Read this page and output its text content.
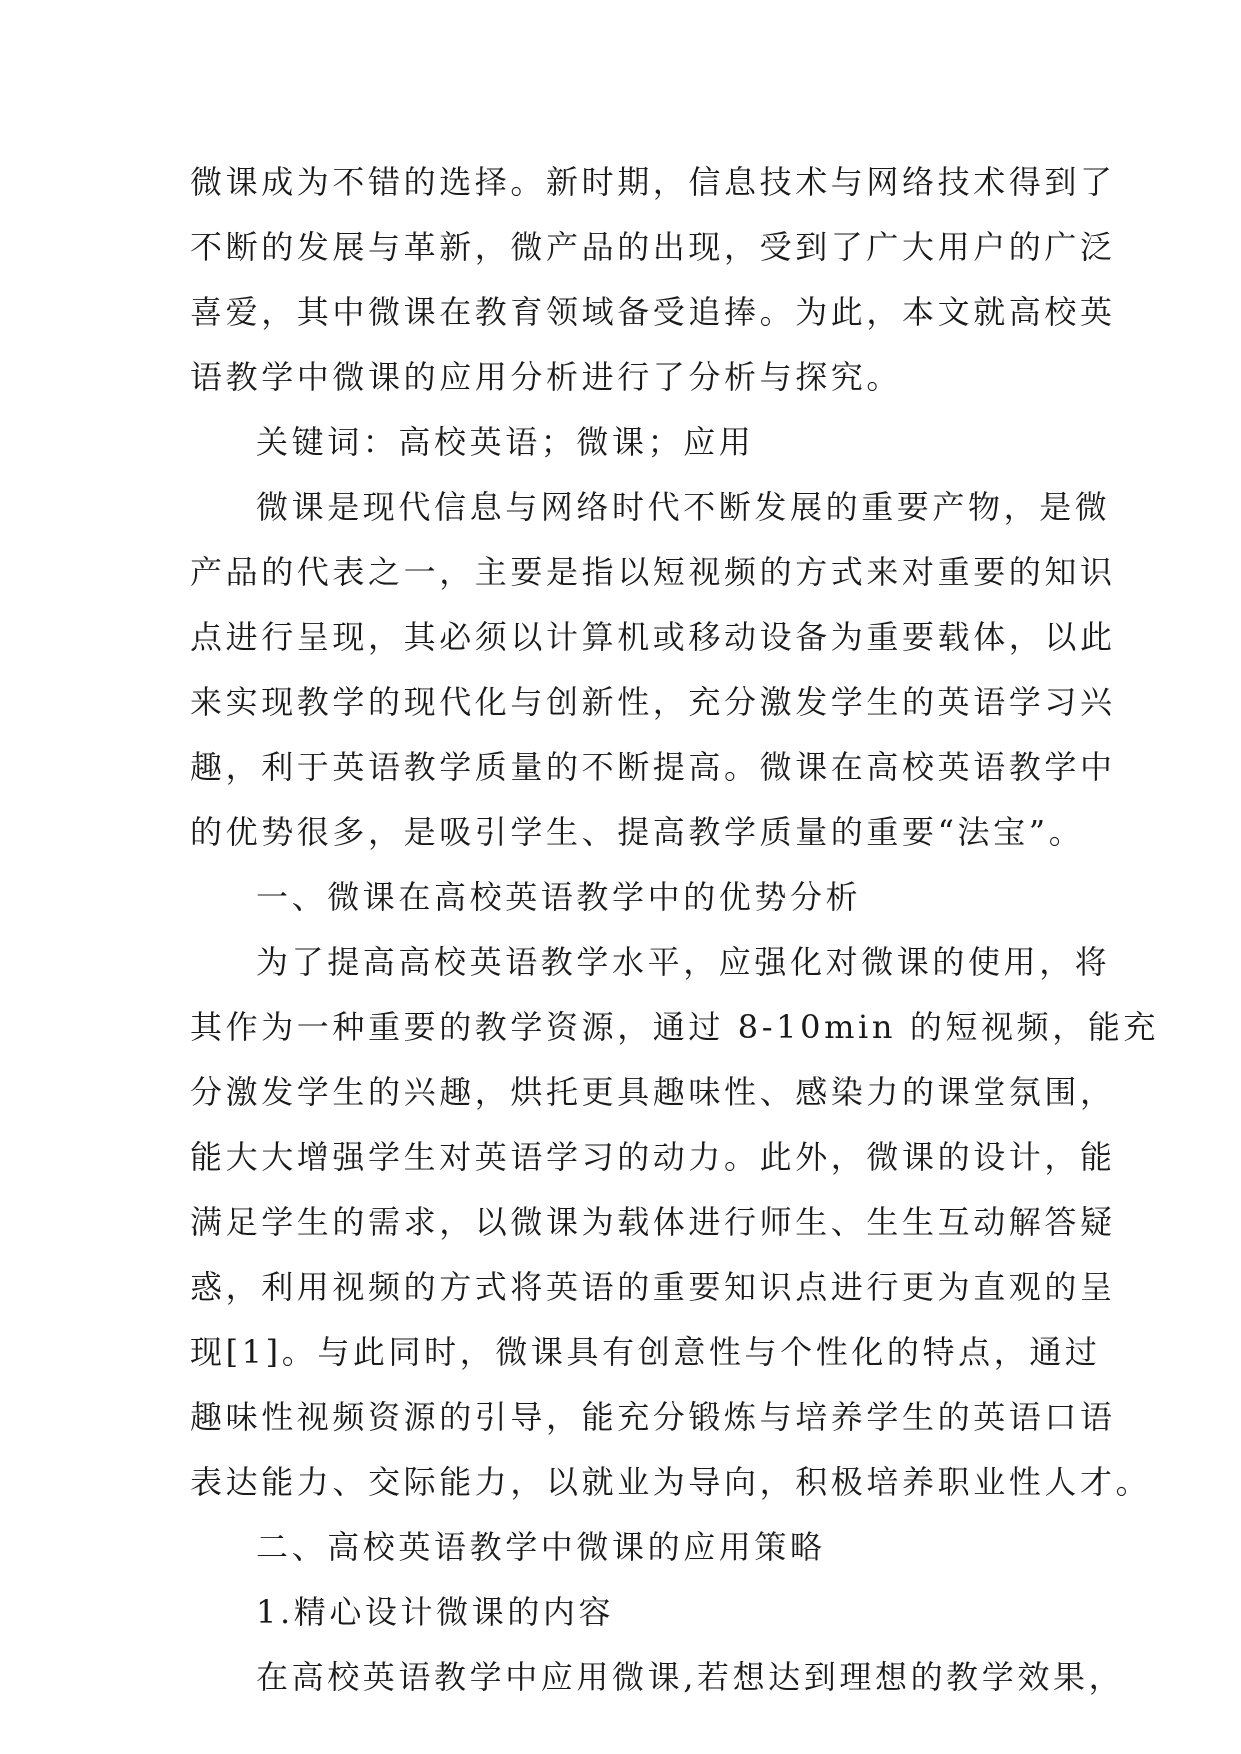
微课成为不错的选择。新时期，信息技术与网络技术得到了
不断的发展与革新，微产品的出现，受到了广大用户的广泛
喜爱，其中微课在教育领域备受追捧。为此，本文就高校英
语教学中微课的应用分析进行了分析与探究。
关键词：高校英语；微课；应用
微课是现代信息与网络时代不断发展的重要产物，是微
产品的代表之一，主要是指以短视频的方式来对重要的知识
点进行呈现，其必须以计算机或移动设备为重要载体，以此
来实现教学的现代化与创新性，充分激发学生的英语学习兴
趣，利于英语教学质量的不断提高。微课在高校英语教学中
的优势很多，是吸引学生、提高教学质量的重要“法宝”。
一、微课在高校英语教学中的优势分析
为了提高高校英语教学水平，应强化对微课的使用，将
其作为一种重要的教学资源，通过 8-10min 的短视频，能充
分激发学生的兴趣，烘托更具趣味性、感染力的课堂氛围，
能大大增强学生对英语学习的动力。此外，微课的设计，能
满足学生的需求，以微课为载体进行师生、生生互动解答疑
惑，利用视频的方式将英语的重要知识点进行更为直观的呈
现[1]。与此同时，微课具有创意性与个性化的特点，通过
趣味性视频资源的引导，能充分锻炼与培养学生的英语口语
表达能力、交际能力，以就业为导向，积极培养职业性人才。
二、高校英语教学中微课的应用策略
1.精心设计微课的内容
在高校英语教学中应用微课,若想达到理想的教学效果，
